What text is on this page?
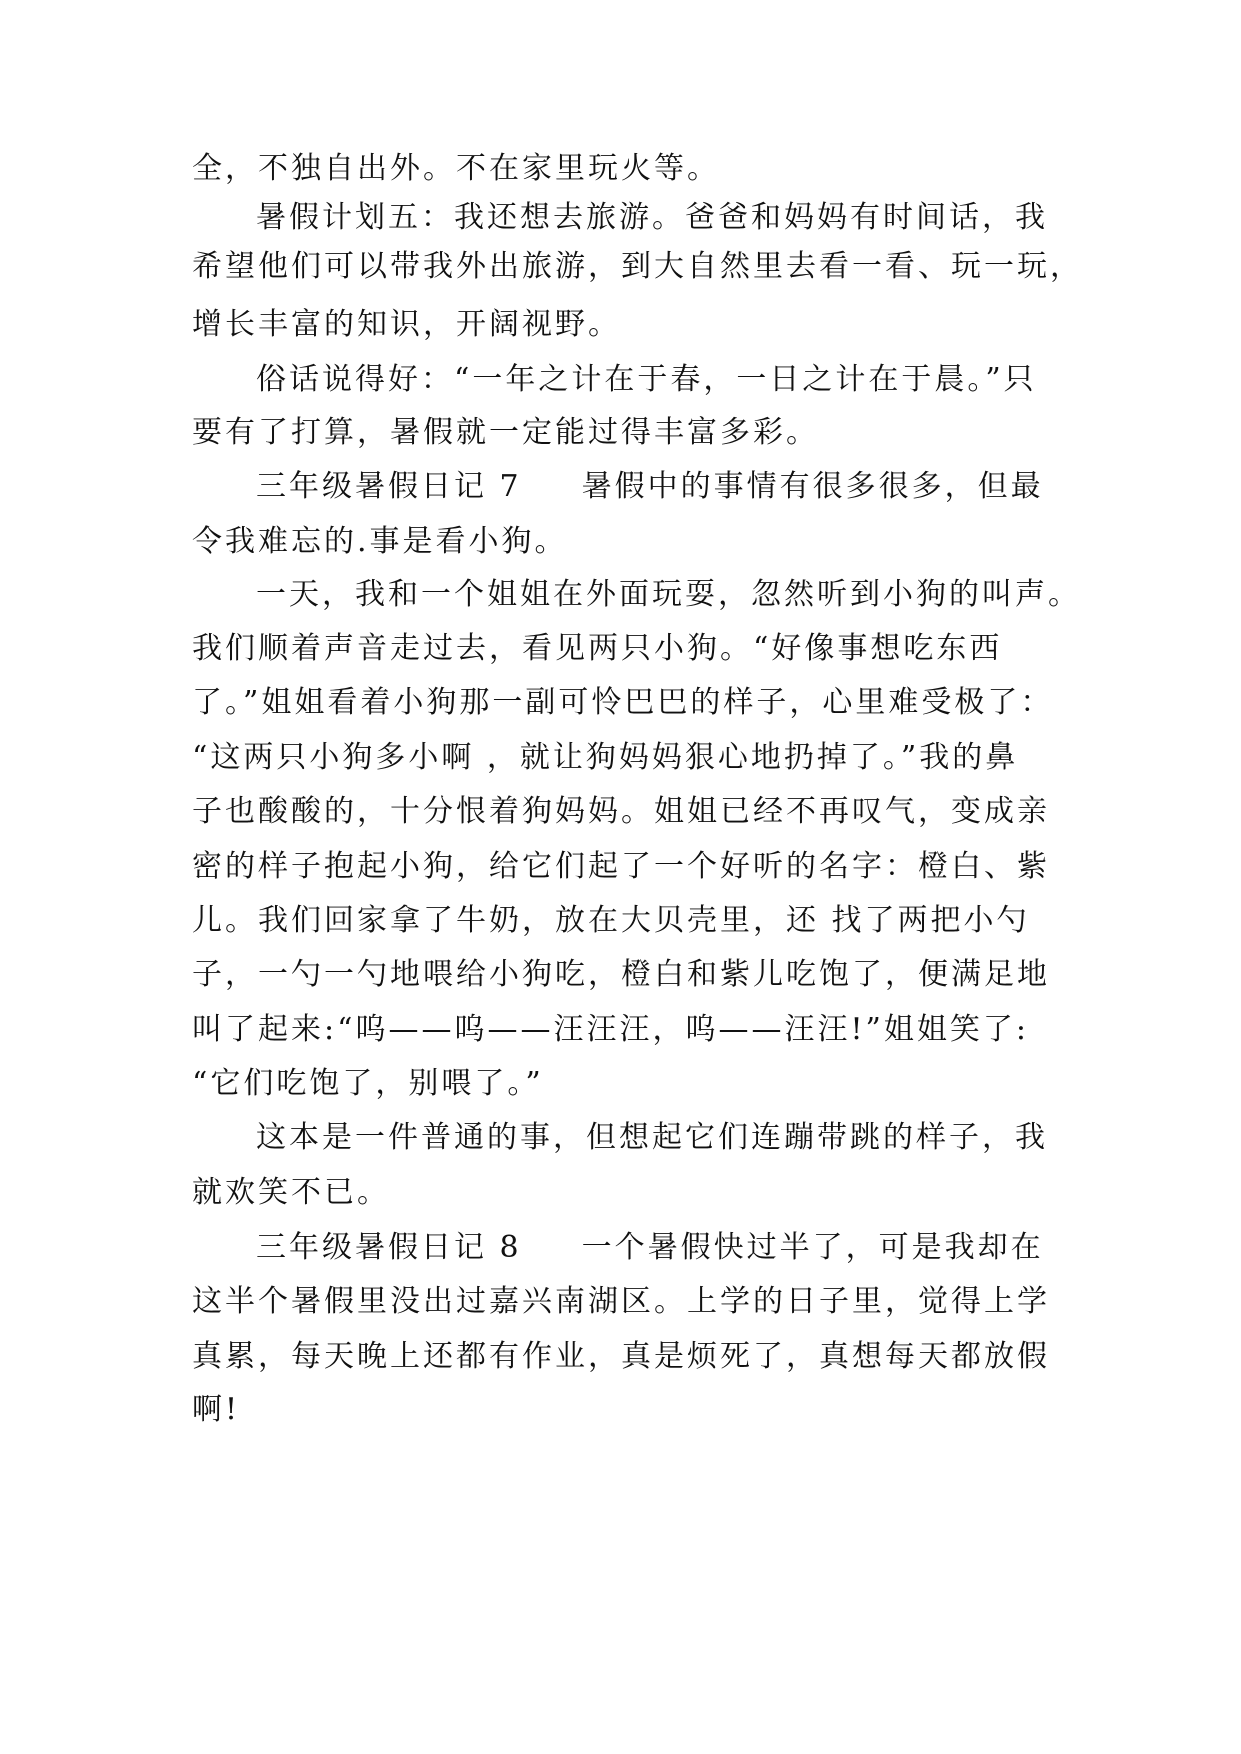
全，不独自出外。不在家里玩火等。
暑假计划五：我还想去旅游。爸爸和妈妈有时间话，我
希望他们可以带我外出旅游，到大自然里去看一看、玩一玩，
增长丰富的知识，开阔视野。
俗话说得好：“一年之计在于春，一日之计在于晨。”只
要有了打算，暑假就一定能过得丰富多彩。
三年级暑假日记 7 暑假中的事情有很多很多，但最
令我难忘的.事是看小狗。
一天，我和一个姐姐在外面玩耍，忽然听到小狗的叫声。
我们顺着声音走过去，看见两只小狗。“好像事想吃东西
了。”姐姐看着小狗那一副可怜巴巴的样子，心里难受极了：
“这两只小狗多小啊 ，就让狗妈妈狠心地扔掉了。”我的鼻
子也酸酸的，十分恨着狗妈妈。姐姐已经不再叹气，变成亲
密的样子抱起小狗，给它们起了一个好听的名字：橙白、紫
儿。我们回家拿了牛奶，放在大贝壳里，还 找了两把小勺
子，一勺一勺地喂给小狗吃，橙白和紫儿吃饱了，便满足地
叫了起来:“呜——呜——汪汪汪，呜——汪汪!”姐姐笑了:
“它们吃饱了，别喂了。”
这本是一件普通的事，但想起它们连蹦带跳的样子，我
就欢笑不已。
三年级暑假日记 8 一个暑假快过半了，可是我却在
这半个暑假里没出过嘉兴南湖区。上学的日子里，觉得上学
真累，每天晚上还都有作业，真是烦死了，真想每天都放假
啊!
